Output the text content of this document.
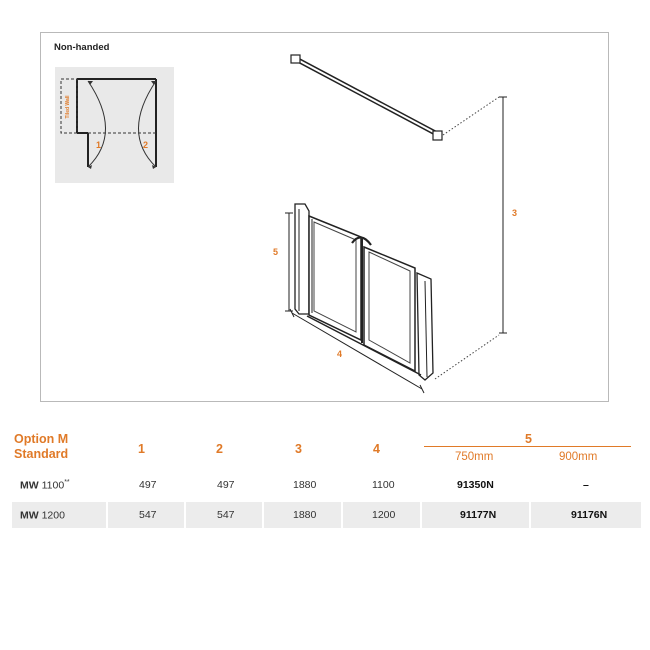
Non-handed
Tiled Wall
1	2
3
5
4
Option M
Standard	1	2	3	4
5
750mm	900mm
MW 1100**	497	497	1880	1100	91350N	–
MW 1200	547	547	1880	1200	91177N	91176N
